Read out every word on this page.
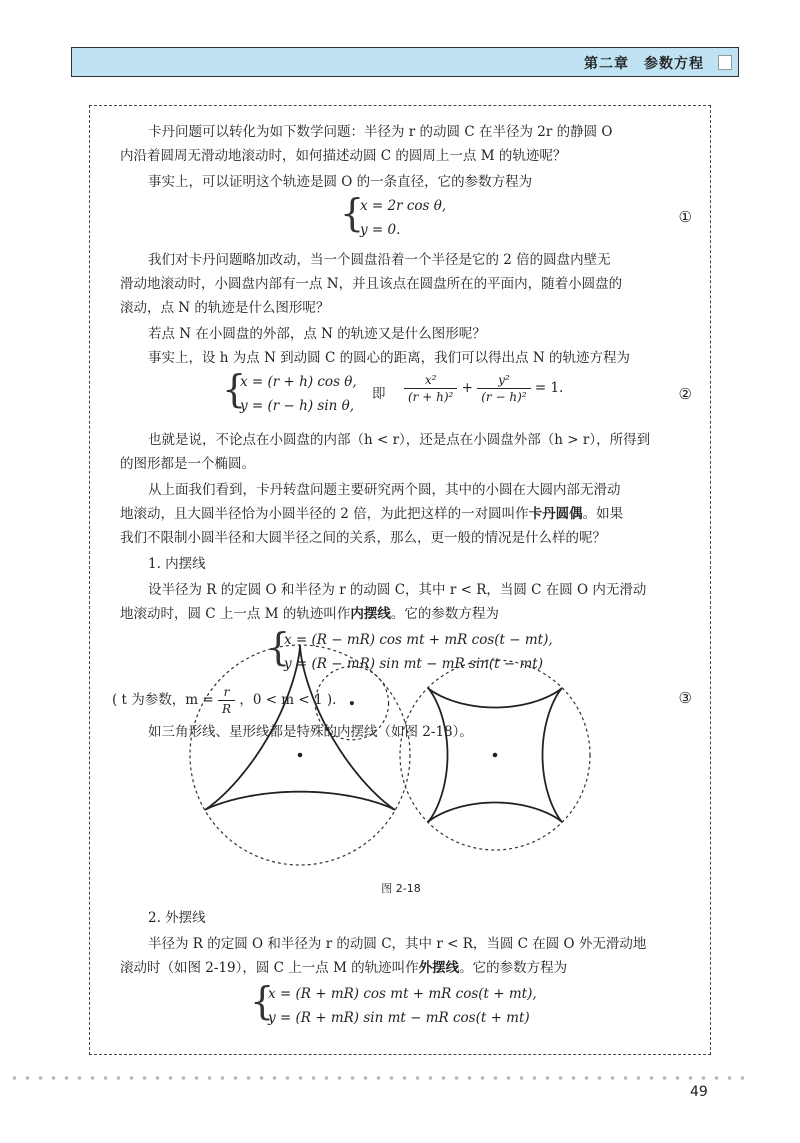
第二章　参数方程
卡丹问题可以转化为如下数学问题：半径为 r 的动圆 C 在半径为 2r 的静圆 O
内沿着圆周无滑动地滚动时，如何描述动圆 C 的圆周上一点 M 的轨迹呢？
事实上，可以证明这个轨迹是圆 O 的一条直径，它的参数方程为
{
x = 2r cos θ,
y = 0.
①
我们对卡丹问题略加改动，当一个圆盘沿着一个半径是它的 2 倍的圆盘内壁无
滑动地滚动时，小圆盘内部有一点 N，并且该点在圆盘所在的平面内，随着小圆盘的
滚动，点 N 的轨迹是什么图形呢？
若点 N 在小圆盘的外部，点 N 的轨迹又是什么图形呢？
事实上，设 h 为点 N 到动圆 C 的圆心的距离，我们可以得出点 N 的轨迹方程为
{
x = (r + h) cos θ,
y = (r − h) sin θ,
即 $\frac{\text{x²}}{\text{(r + h)²}} + \frac{\text{y²}}{\text{(r − h)²}} = 1$.	②
也就是说，不论点在小圆盘的内部（h < r），还是点在小圆盘外部（h > r），所得到
的图形都是一个椭圆。
从上面我们看到，卡丹转盘问题主要研究两个圆，其中的小圆在大圆内部无滑动
地滚动，且大圆半径恰为小圆半径的 2 倍，为此把这样的一对圆叫作卡丹圆偶。如果
我们不限制小圆半径和大圆半径之间的关系，那么，更一般的情况是什么样的呢？
1. 内摆线
设半径为 R 的定圆 O 和半径为 r 的动圆 C，其中 r < R，当圆 C 在圆 O 内无滑动
地滚动时，圆 C 上一点 M 的轨迹叫作内摆线。它的参数方程为
{
x = (R − mR) cos mt + mR cos(t − mt),
y = (R − mR) sin mt − mR sin(t − mt)
( t 为参数，$m = \frac{r}{R}$ ，0 < m < 1 ).	③
如三角形线、星形线都是特殊的内摆线（如图 2-18）。
图 2-18
2. 外摆线
半径为 R 的定圆 O 和半径为 r 的动圆 C，其中 r < R，当圆 C 在圆 O 外无滑动地
滚动时（如图 2-19），圆 C 上一点 M 的轨迹叫作外摆线。它的参数方程为
{
x = (R + mR) cos mt + mR cos(t + mt),
y = (R + mR) sin mt − mR cos(t + mt)
49
